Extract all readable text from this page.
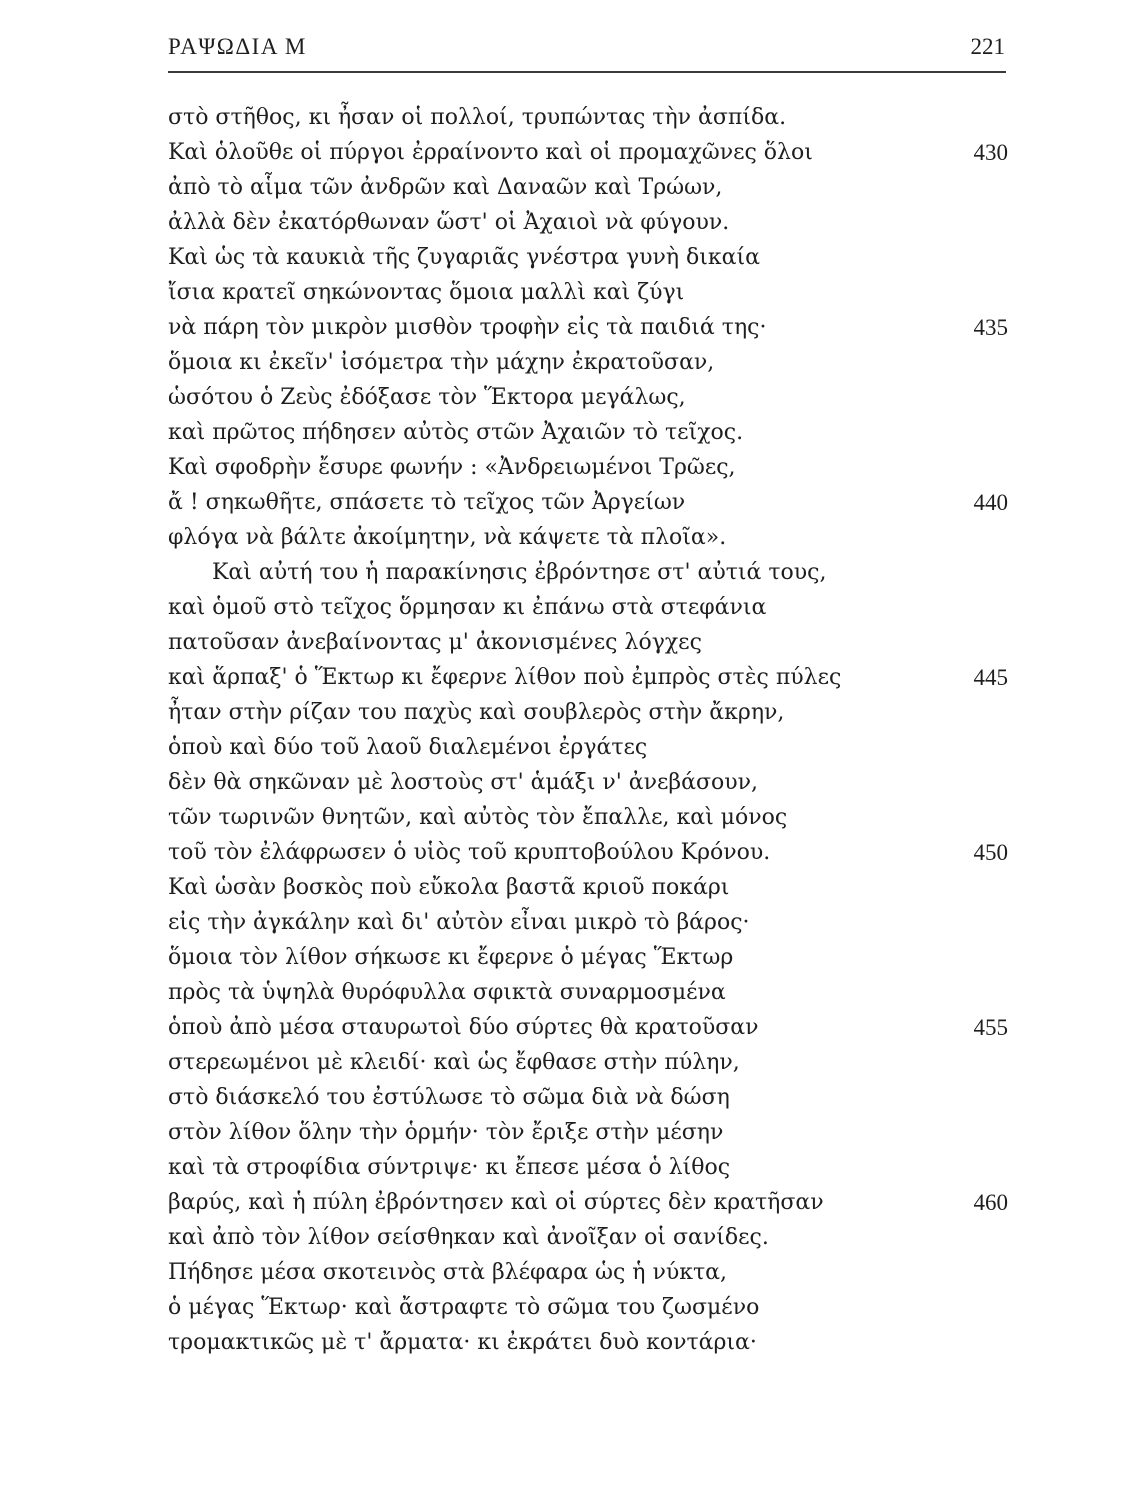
ΡΑΨΩΔΙΑ Μ	221
στὸ στῆθος, κι ἦσαν οἱ πολλοί, τρυπώντας τὴν ἀσπίδα.
Καὶ ὁλοῦθε οἱ πύργοι ἐρραίνοντο καὶ οἱ προμαχῶνες ὅλοι	430
ἀπὸ τὸ αἷμα τῶν ἀνδρῶν καὶ Δαναῶν καὶ Τρώων,
ἀλλὰ δὲν ἐκατόρθωναν ὥστ' οἱ Ἀχαιοὶ νὰ φύγουν.
Καὶ ὡς τὰ καυκιὰ τῆς ζυγαριᾶς γνέστρα γυνὴ δικαία
ἴσια κρατεῖ σηκώνοντας ὅμοια μαλλὶ καὶ ζύγι
νὰ πάρη τὸν μικρὸν μισθὸν τροφὴν εἰς τὰ παιδιά της·	435
ὅμοια κι ἐκεῖν' ἰσόμετρα τὴν μάχην ἐκρατοῦσαν,
ὡσότου ὁ Ζεὺς ἐδόξασε τὸν Ἕκτορα μεγάλως,
καὶ πρῶτος πήδησεν αὐτὸς στῶν Ἀχαιῶν τὸ τεῖχος.
Καὶ σφοδρὴν ἔσυρε φωνήν : «Ἀνδρειωμένοι Τρῶες,
ἄ ! σηκωθῆτε, σπάσετε τὸ τεῖχος τῶν Ἀργείων	440
φλόγα νὰ βάλτε ἀκοίμητην, νὰ κάψετε τὰ πλοῖα».
Καὶ αὐτή του ἡ παρακίνησις ἐβρόντησε στ' αὐτιά τους,
καὶ ὁμοῦ στὸ τεῖχος ὅρμησαν κι ἐπάνω στὰ στεφάνια
πατοῦσαν ἀνεβαίνοντας μ' ἀκονισμένες λόγχες
καὶ ἅρπαξ' ὁ Ἕκτωρ κι ἔφερνε λίθον ποὺ ἐμπρὸς στὲς πύλες	445
ἦταν στὴν ρίζαν του παχὺς καὶ σουβλερὸς στὴν ἄκρην,
ὁποὺ καὶ δύο τοῦ λαοῦ διαλεμένοι ἐργάτες
δὲν θὰ σηκῶναν μὲ λοστοὺς στ' ἁμάξι ν' ἀνεβάσουν,
τῶν τωρινῶν θνητῶν, καὶ αὐτὸς τὸν ἔπαλλε, καὶ μόνος
τοῦ τὸν ἐλάφρωσεν ὁ υἱὸς τοῦ κρυπτοβούλου Κρόνου.	450
Καὶ ὡσὰν βοσκὸς ποὺ εὔκολα βαστᾶ κριοῦ ποκάρι
εἰς τὴν ἀγκάλην καὶ δι' αὐτὸν εἶναι μικρὸ τὸ βάρος·
ὅμοια τὸν λίθον σήκωσε κι ἔφερνε ὁ μέγας Ἕκτωρ
πρὸς τὰ ὑψηλὰ θυρόφυλλα σφικτὰ συναρμοσμένα
ὁποὺ ἀπὸ μέσα σταυρωτοὶ δύο σύρτες θὰ κρατοῦσαν	455
στερεωμένοι μὲ κλειδί· καὶ ὡς ἔφθασε στὴν πύλην,
στὸ διάσκελό του ἐστύλωσε τὸ σῶμα διὰ νὰ δώση
στὸν λίθον ὅλην τὴν ὁρμήν· τὸν ἔριξε στὴν μέσην
καὶ τὰ στροφίδια σύντριψε· κι ἔπεσε μέσα ὁ λίθος
βαρύς, καὶ ἡ πύλη ἐβρόντησεν καὶ οἱ σύρτες δὲν κρατῆσαν	460
καὶ ἀπὸ τὸν λίθον σείσθηκαν καὶ ἀνοῖξαν οἱ σανίδες.
Πήδησε μέσα σκοτεινὸς στὰ βλέφαρα ὡς ἡ νύκτα,
ὁ μέγας Ἕκτωρ· καὶ ἄστραφτε τὸ σῶμα του ζωσμένο
τρομακτικῶς μὲ τ' ἄρματα· κι ἐκράτει δυὸ κοντάρια·
